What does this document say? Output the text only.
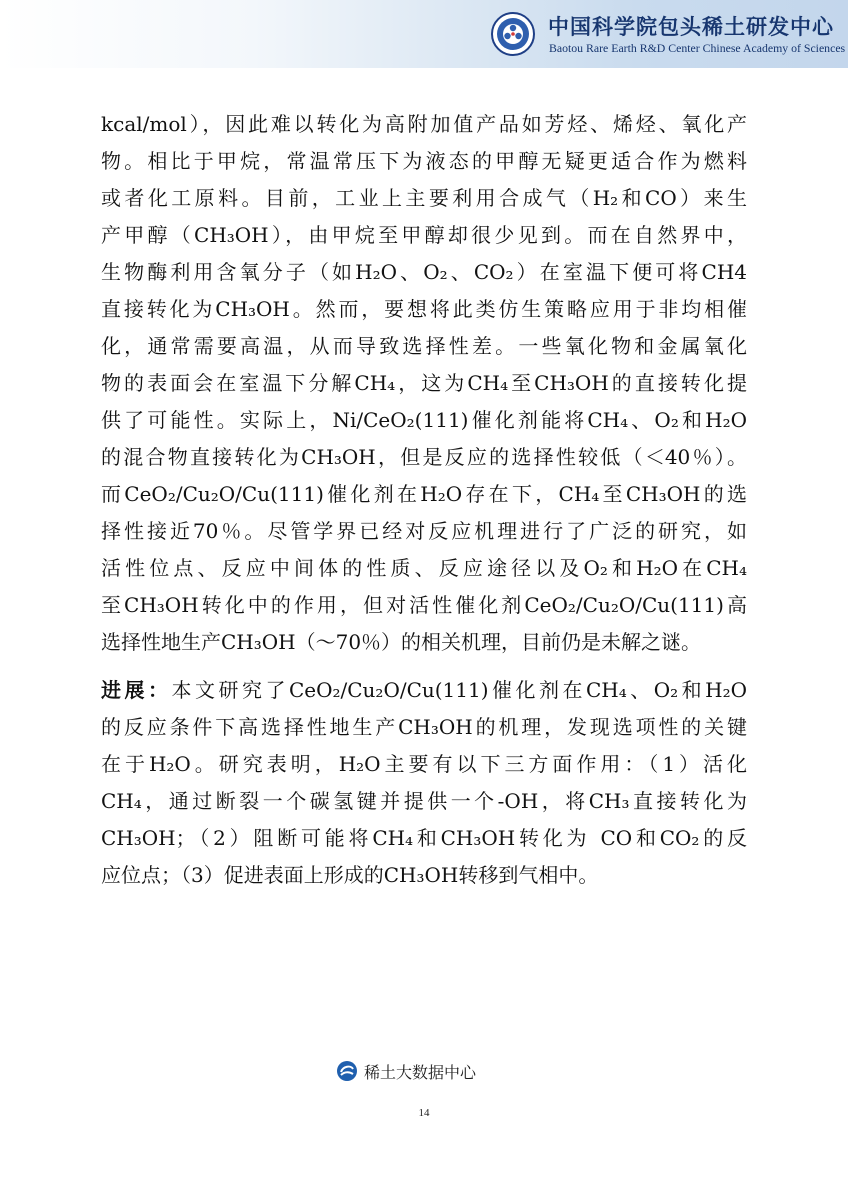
中国科学院包头稀土研发中心
Baotou Rare Earth R&D Center Chinese Academy of Sciences
kcal/mol），因此难以转化为高附加值产品如芳烃、烯烃、氧化产
物。相比于甲烷，常温常压下为液态的甲醇无疑更适合作为燃料
或者化工原料。目前，工业上主要利用合成气（H₂和CO）来生
产甲醇（CH₃OH），由甲烷至甲醇却很少见到。而在自然界中，
生物酶利用含氧分子（如H₂O、O₂、CO₂）在室温下便可将CH4
直接转化为CH₃OH。然而，要想将此类仿生策略应用于非均相催
化，通常需要高温，从而导致选择性差。一些氧化物和金属氧化
物的表面会在室温下分解CH₄，这为CH₄至CH₃OH的直接转化提
供了可能性。实际上，Ni/CeO₂(111)催化剂能将CH₄、O₂和H₂O
的混合物直接转化为CH₃OH，但是反应的选择性较低（＜40％）。
而CeO₂/Cu₂O/Cu(111)催化剂在H₂O存在下，CH₄至CH₃OH的选
择性接近70％。尽管学界已经对反应机理进行了广泛的研究，如
活性位点、反应中间体的性质、反应途径以及O₂和H₂O在CH₄
至CH₃OH转化中的作用，但对活性催化剂CeO₂/Cu₂O/Cu(111)高
选择性地生产CH₃OH（～70％）的相关机理，目前仍是未解之谜。
进展：本文研究了CeO₂/Cu₂O/Cu(111)催化剂在CH₄、O₂和H₂O
的反应条件下高选择性地生产CH₃OH的机理，发现选项性的关键
在于H₂O。研究表明，H₂O主要有以下三方面作用：（1）活化
CH₄，通过断裂一个碳氢键并提供一个-OH，将CH₃直接转化为
CH₃OH；（2）阻断可能将CH₄和CH₃OH转化为 CO和CO₂的反
应位点；（3）促进表面上形成的CH₃OH转移到气相中。
稀土大数据中心
14
